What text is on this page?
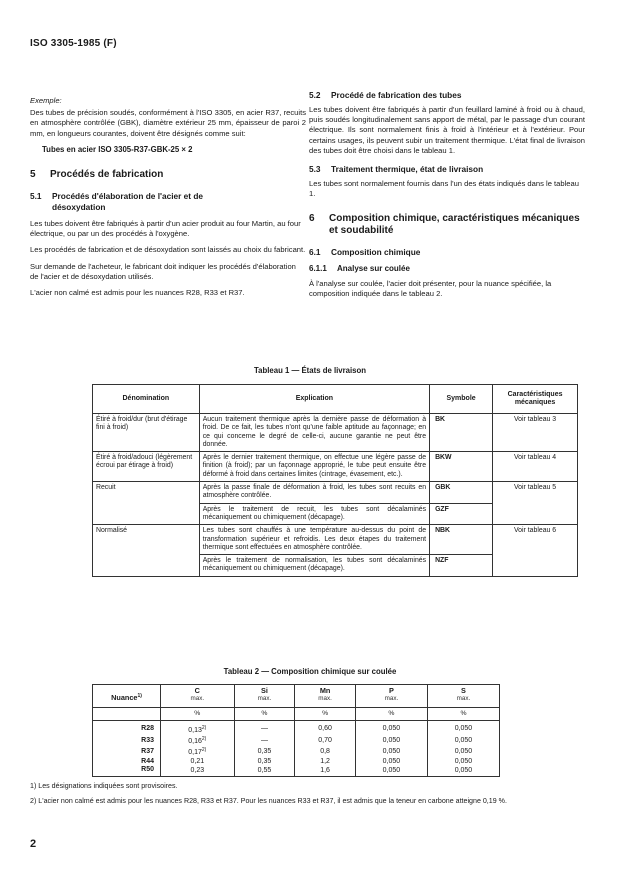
ISO 3305-1985 (F)

Exemple:

Des tubes de précision soudés, conformément à l'ISO 3305, en acier R37, recuits en atmosphère contrôlée (GBK), diamètre extérieur 25 mm, épaisseur de paroi 2 mm, en longueurs courantes, doivent être désignés comme suit:

Tubes en acier ISO 3305-R37-GBK-25 × 2

5 Procédés de fabrication
5.1	Procédés d'élaboration de l'acier et de désoxydation

Les tubes doivent être fabriqués à partir d'un acier produit au four Martin, au four électrique, ou par un des procédés à l'oxygène.

Les procédés de fabrication et de désoxydation sont laissés au choix du fabricant.

Sur demande de l'acheteur, le fabricant doit indiquer les procédés d'élaboration de l'acier et de désoxydation utilisés.

L'acier non calmé est admis pour les nuances R28, R33 et R37.

5.2 Procédé de fabrication des tubes

Les tubes doivent être fabriqués à partir d'un feuillard laminé à froid ou à chaud, puis soudés longitudinalement sans apport de métal, par le passage d'un courant électrique. Ils sont normalement finis à froid à l'intérieur et à l'extérieur. Pour certains usages, ils peuvent subir un traitement thermique. L'état final de livraison des tubes doit être choisi dans le tableau 1.

5.3 Traitement thermique, état de livraison

Les tubes sont normalement fournis dans l'un des états indiqués dans le tableau 1.

6	Composition chimique, caractéristiques mécaniques et soudabilité
6.1 Composition chimique
6.1.1 Analyse sur coulée

À l'analyse sur coulée, l'acier doit présenter, pour la nuance spécifiée, la composition indiquée dans le tableau 2.

Tableau 1 — États de livraison
Dénomination	Explication	Symbole	Caractéristiques mécaniques
Étiré à froid/dur (brut d'étirage fini à froid)	Aucun traitement thermique après la dernière passe de déformation à froid. De ce fait, les tubes n'ont qu'une faible aptitude au façonnage; en ce qui concerne le degré de celle-ci, aucune garantie ne peut être donnée.	BK	Voir tableau 3
Étiré à froid/adouci (légèrement écroui par étirage à froid)	Après le dernier traitement thermique, on effectue une légère passe de finition (à froid); par un façonnage approprié, le tube peut ensuite être déformé à froid dans certaines limites (cintrage, évasement, etc.).	BKW	Voir tableau 4
Recuit	Après la passe finale de déformation à froid, les tubes sont recuits en atmosphère contrôlée.	GBK	Voir tableau 5
	Après le traitement de recuit, les tubes sont décalaminés mécaniquement ou chimiquement (décapage).	GZF	
Normalisé	Les tubes sont chauffés à une température au-dessus du point de transformation supérieur et refroidis. Les deux étapes du traitement thermique sont effectuées en atmosphère contrôlée.	NBK	Voir tableau 6
	Après le traitement de normalisation, les tubes sont décalaminés mécaniquement ou chimiquement (décapage).	NZF	
Tableau 2 — Composition chimique sur coulée
Nuance$^{1)}$	C	Si	Mn	P	S
	max.	max.	max.	max.	max.
	%	%	%	%	%
R28	0,13$^{2)}$	—	0,60	0,050	0,050
R33	0,16$^{2)}$	—	0,70	0,050	0,050
R37	0,17$^{2)}$	0,35	0,8	0,050	0,050
R44	0,21	0,35	1,2	0,050	0,050
R50	0,23	0,55	1,6	0,050	0,050
1) Les désignations indiquées sont provisoires.
2) L'acier non calmé est admis pour les nuances R28, R33 et R37. Pour les nuances R33 et R37, il est admis que la teneur en carbone atteigne 0,19 %.
2
